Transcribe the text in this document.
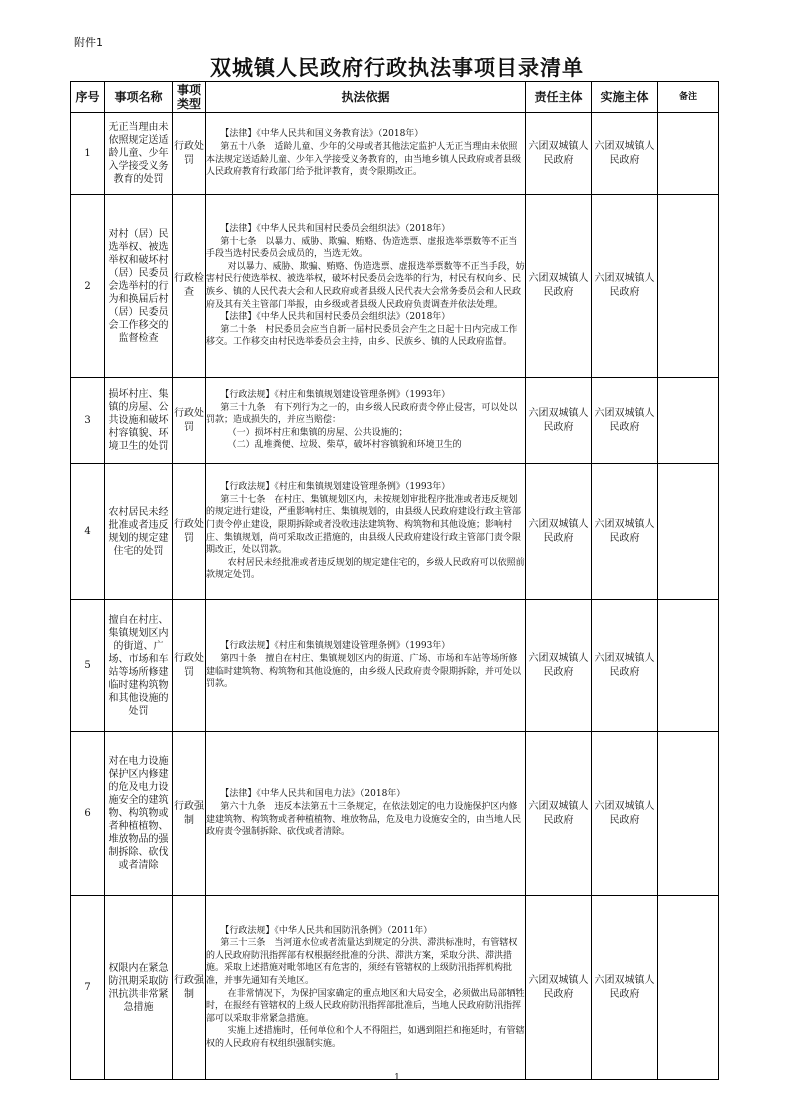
附件1
双城镇人民政府行政执法事项目录清单
序号	事项名称	事项类型	执法依据	责任主体	实施主体	备注
1	无正当理由未依照规定送适龄儿童、少年入学接受义务教育的处罚	行政处罚	【法律】《中华人民共和国义务教育法》（2018年）
第五十八条　适龄儿童、少年的父母或者其他法定监护人无正当理由未依照本法规定送适龄儿童、少年入学接受义务教育的，由当地乡镇人民政府或者县级人民政府教育行政部门给予批评教育，责令限期改正。	六团双城镇人民政府	六团双城镇人民政府	
2	对村（居）民选举权、被选举权和破坏村（居）民委员会选举村的行为和换届后村（居）民委员会工作移交的监督检查	行政检查	【法律】《中华人民共和国村民委员会组织法》（2018年）
第十七条　以暴力、威胁、欺骗、贿赂、伪造选票、虚报选举票数等不正当手段当选村民委员会成员的，当选无效。
对以暴力、威胁、欺骗、贿赂、伪造选票、虚报选举票数等不正当手段，妨害村民行使选举权、被选举权，破坏村民委员会选举的行为，村民有权向乡、民族乡、镇的人民代表大会和人民政府或者县级人民代表大会常务委员会和人民政府及其有关主管部门举报，由乡级或者县级人民政府负责调查并依法处理。
【法律】《中华人民共和国村民委员会组织法》（2018年）
第二十条　村民委员会应当自新一届村民委员会产生之日起十日内完成工作移交。工作移交由村民选举委员会主持，由乡、民族乡、镇的人民政府监督。	六团双城镇人民政府	六团双城镇人民政府	
3	损坏村庄、集镇的房屋、公共设施和破坏村容镇貌、环境卫生的处罚	行政处罚	【行政法规】《村庄和集镇规划建设管理条例》（1993年）
第三十九条　有下列行为之一的，由乡级人民政府责令停止侵害，可以处以罚款；造成损失的，并应当赔偿：
（一）损坏村庄和集镇的房屋、公共设施的；
（二）乱堆粪便、垃圾、柴草，破坏村容镇貌和环境卫生的	六团双城镇人民政府	六团双城镇人民政府	
4	农村居民未经批准或者违反规划的规定建住宅的处罚	行政处罚	【行政法规】《村庄和集镇规划建设管理条例》（1993年）
第三十七条　在村庄、集镇规划区内，未按规划审批程序批准或者违反规划的规定进行建设，严重影响村庄、集镇规划的，由县级人民政府建设行政主管部门责令停止建设，限期拆除或者没收违法建筑物、构筑物和其他设施；影响村庄、集镇规划，尚可采取改正措施的，由县级人民政府建设行政主管部门责令限期改正，处以罚款。
农村居民未经批准或者违反规划的规定建住宅的，乡级人民政府可以依照前款规定处罚。	六团双城镇人民政府	六团双城镇人民政府	
5	擅自在村庄、集镇规划区内的街道、广场、市场和车站等场所修建临时建构筑物和其他设施的处罚	行政处罚	【行政法规】《村庄和集镇规划建设管理条例》（1993年）
第四十条　擅自在村庄、集镇规划区内的街道、广场、市场和车站等场所修建临时建筑物、构筑物和其他设施的，由乡级人民政府责令限期拆除，并可处以罚款。	六团双城镇人民政府	六团双城镇人民政府	
6	对在电力设施保护区内修建的危及电力设施安全的建筑物、构筑物或者种植植物、堆放物品的强制拆除、砍伐或者清除	行政强制	【法律】《中华人民共和国电力法》（2018年）
第六十九条　违反本法第五十三条规定，在依法划定的电力设施保护区内修建建筑物、构筑物或者种植植物、堆放物品，危及电力设施安全的，由当地人民政府责令强制拆除、砍伐或者清除。	六团双城镇人民政府	六团双城镇人民政府	
7	权限内在紧急防汛期采取防汛抗洪非常紧急措施	行政强制	【行政法规】《中华人民共和国防汛条例》（2011年）
第三十三条　当河道水位或者流量达到规定的分洪、滞洪标准时，有管辖权的人民政府防汛指挥部有权根据经批准的分洪、滞洪方案，采取分洪、滞洪措施。采取上述措施对毗邻地区有危害的，须经有管辖权的上级防汛指挥机构批准，并事先通知有关地区。
在非常情况下，为保护国家确定的重点地区和大局安全，必须做出局部牺牲时，在报经有管辖权的上级人民政府防汛指挥部批准后，当地人民政府防汛指挥部可以采取非常紧急措施。
实施上述措施时，任何单位和个人不得阻拦，如遇到阻拦和拖延时，有管辖权的人民政府有权组织强制实施。	六团双城镇人民政府	六团双城镇人民政府	
1
